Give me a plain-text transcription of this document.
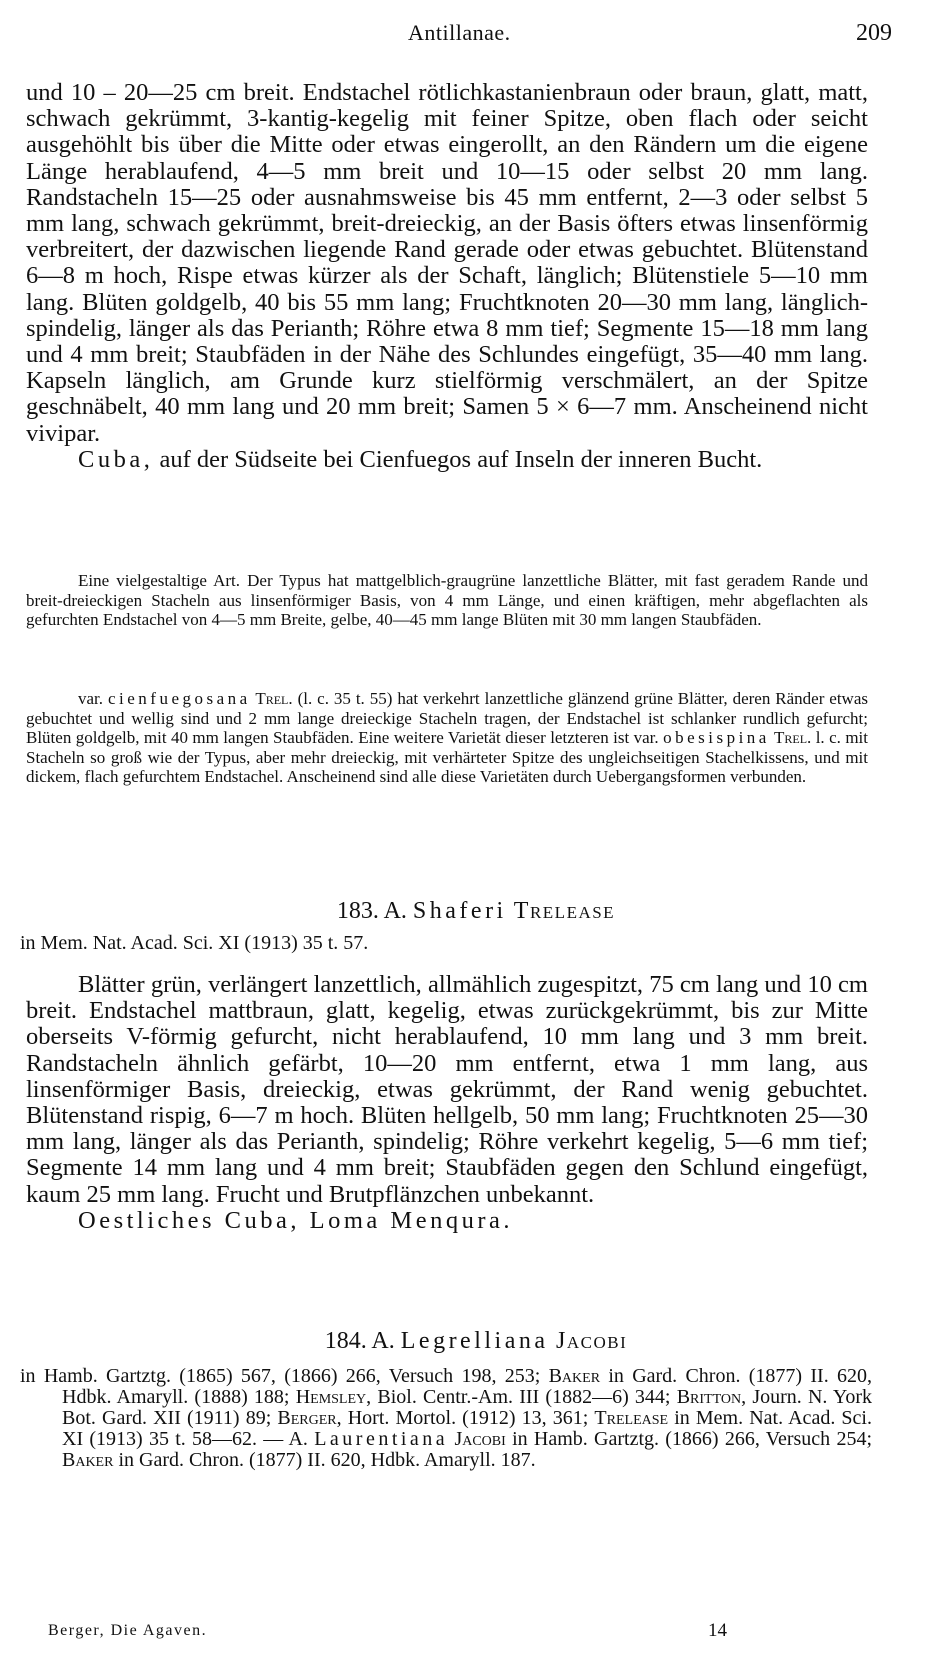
Antillanae.	209

und 10 – 20—25 cm breit. Endstachel rötlichkastanienbraun oder braun, glatt, matt, schwach gekrümmt, 3-kantig-kegelig mit feiner Spitze, oben flach oder seicht ausgehöhlt bis über die Mitte oder etwas eingerollt, an den Rändern um die eigene Länge herablaufend, 4—5 mm breit und 10—15 oder selbst 20 mm lang. Randstacheln 15—25 oder ausnahmsweise bis 45 mm entfernt, 2—3 oder selbst 5 mm lang, schwach gekrümmt, breit-dreieckig, an der Basis öfters etwas linsenförmig verbreitert, der dazwischen liegende Rand gerade oder etwas gebuchtet. Blütenstand 6—8 m hoch, Rispe etwas kürzer als der Schaft, länglich; Blütenstiele 5—10 mm lang. Blüten goldgelb, 40 bis 55 mm lang; Fruchtknoten 20—30 mm lang, länglich-spindelig, länger als das Perianth; Röhre etwa 8 mm tief; Segmente 15—18 mm lang und 4 mm breit; Staubfäden in der Nähe des Schlundes eingefügt, 35—40 mm lang. Kapseln länglich, am Grunde kurz stielförmig verschmälert, an der Spitze geschnäbelt, 40 mm lang und 20 mm breit; Samen 5 × 6—7 mm. Anscheinend nicht vivipar.

Cuba, auf der Südseite bei Cienfuegos auf Inseln der inneren Bucht.

Eine vielgestaltige Art. Der Typus hat mattgelblich-graugrüne lanzettliche Blätter, mit fast geradem Rande und breit-dreieckigen Stacheln aus linsenförmiger Basis, von 4 mm Länge, und einen kräftigen, mehr abgeflachten als gefurchten Endstachel von 4—5 mm Breite, gelbe, 40—45 mm lange Blüten mit 30 mm langen Staubfäden.

var. cienfuegosana Trel. (l. c. 35 t. 55) hat verkehrt lanzettliche glänzend grüne Blätter, deren Ränder etwas gebuchtet und wellig sind und 2 mm lange dreieckige Stacheln tragen, der Endstachel ist schlanker rundlich gefurcht; Blüten goldgelb, mit 40 mm langen Staubfäden. Eine weitere Varietät dieser letzteren ist var. obesispina Trel. l. c. mit Stacheln so groß wie der Typus, aber mehr dreieckig, mit verhärteter Spitze des ungleichseitigen Stachelkissens, und mit dickem, flach gefurchtem Endstachel. Anscheinend sind alle diese Varietäten durch Uebergangsformen verbunden.

183. A. Shaferi Trelease
in Mem. Nat. Acad. Sci. XI (1913) 35 t. 57.

Blätter grün, verlängert lanzettlich, allmählich zugespitzt, 75 cm lang und 10 cm breit. Endstachel mattbraun, glatt, kegelig, etwas zurückgekrümmt, bis zur Mitte oberseits V-förmig gefurcht, nicht herablaufend, 10 mm lang und 3 mm breit. Randstacheln ähnlich gefärbt, 10—20 mm entfernt, etwa 1 mm lang, aus linsenförmiger Basis, dreieckig, etwas gekrümmt, der Rand wenig gebuchtet. Blütenstand rispig, 6—7 m hoch. Blüten hellgelb, 50 mm lang; Fruchtknoten 25—30 mm lang, länger als das Perianth, spindelig; Röhre verkehrt kegelig, 5—6 mm tief; Segmente 14 mm lang und 4 mm breit; Staubfäden gegen den Schlund eingefügt, kaum 25 mm lang. Frucht und Brutpflänzchen unbekannt.

Oestliches Cuba, Loma Menqura.

184. A. Legrelliana Jacobi

in Hamb. Gartztg. (1865) 567, (1866) 266, Versuch 198, 253; Baker in Gard. Chron. (1877) II. 620, Hdbk. Amaryll. (1888) 188; Hemsley, Biol. Centr.-Am. III (1882—6) 344; Britton, Journ. N. York Bot. Gard. XII (1911) 89; Berger, Hort. Mortol. (1912) 13, 361; Trelease in Mem. Nat. Acad. Sci. XI (1913) 35 t. 58—62. — A. Laurentiana Jacobi in Hamb. Gartztg. (1866) 266, Versuch 254; Baker in Gard. Chron. (1877) II. 620, Hdbk. Amaryll. 187.

Berger, Die Agaven.	14
